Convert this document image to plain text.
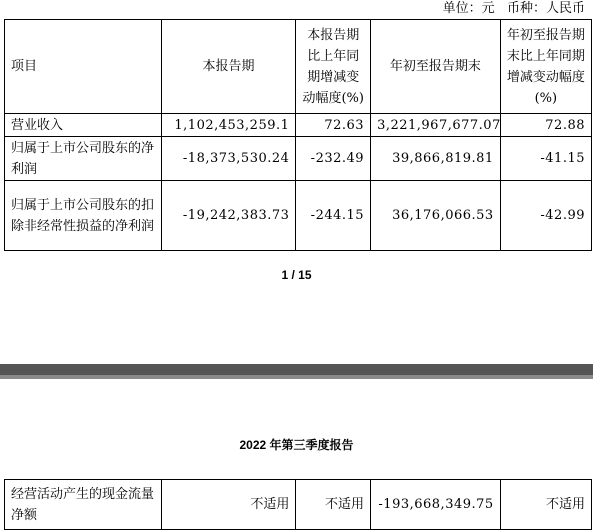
单位：元   币种：人民币
项目	本报告期	本报告期比上年同期增减变动幅度(%)	年初至报告期末	年初至报告期末比上年同期增减变动幅度(%)
营业收入	1,102,453,259.1	72.63	3,221,967,677.07	72.88
归属于上市公司股东的净利润	-18,373,530.24	-232.49	39,866,819.81	-41.15
归属于上市公司股东的扣除非经常性损益的净利润	-19,242,383.73	-244.15	36,176,066.53	-42.99
1 / 15
2022 年第三季度报告
经营活动产生的现金流量净额	不适用	不适用	-193,668,349.75	不适用
